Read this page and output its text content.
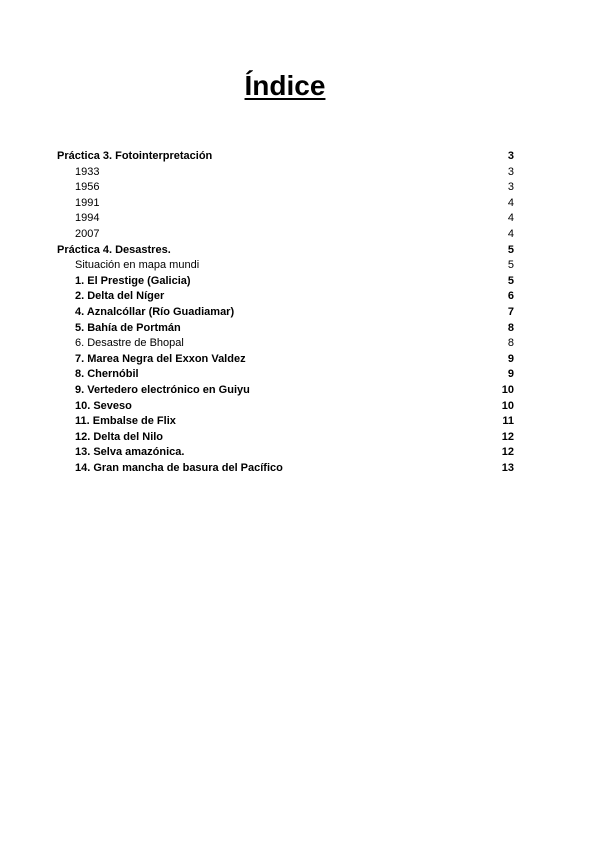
Índice
Práctica 3. Fotointerpretación	3
1933	3
1956	3
1991	4
1994	4
2007	4
Práctica 4. Desastres.	5
Situación en mapa mundi	5
1. El Prestige (Galicia)	5
2. Delta del Níger	6
4. Aznalcóllar (Río Guadiamar)	7
5. Bahía de Portmán	8
6. Desastre de Bhopal	8
7. Marea Negra del Exxon Valdez	9
8. Chernóbil	9
9. Vertedero electrónico en Guiyu	10
10. Seveso	10
11. Embalse de Flix	11
12. Delta del Nilo	12
13. Selva amazónica.	12
14. Gran mancha de basura del Pacífico	13
